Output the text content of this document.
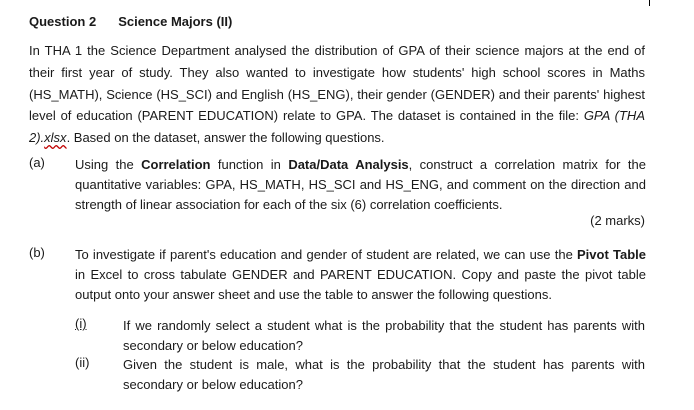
Question 2 Science Majors (II)
In THA 1 the Science Department analysed the distribution of GPA of their science majors at the end of their first year of study. They also wanted to investigate how students' high school scores in Maths (HS_MATH), Science (HS_SCI) and English (HS_ENG), their gender (GENDER) and their parents' highest level of education (PARENT EDUCATION) relate to GPA. The dataset is contained in the file: GPA (THA 2).xlsx. Based on the dataset, answer the following questions.
(a) Using the Correlation function in Data/Data Analysis, construct a correlation matrix for the quantitative variables: GPA, HS_MATH, HS_SCI and HS_ENG, and comment on the direction and strength of linear association for each of the six (6) correlation coefficients.
(2 marks)
(b) To investigate if parent's education and gender of student are related, we can use the Pivot Table in Excel to cross tabulate GENDER and PARENT EDUCATION. Copy and paste the pivot table output onto your answer sheet and use the table to answer the following questions.
(i)	If we randomly select a student what is the probability that the student has parents with secondary or below education?
(ii)	Given the student is male, what is the probability that the student has parents with secondary or below education?
